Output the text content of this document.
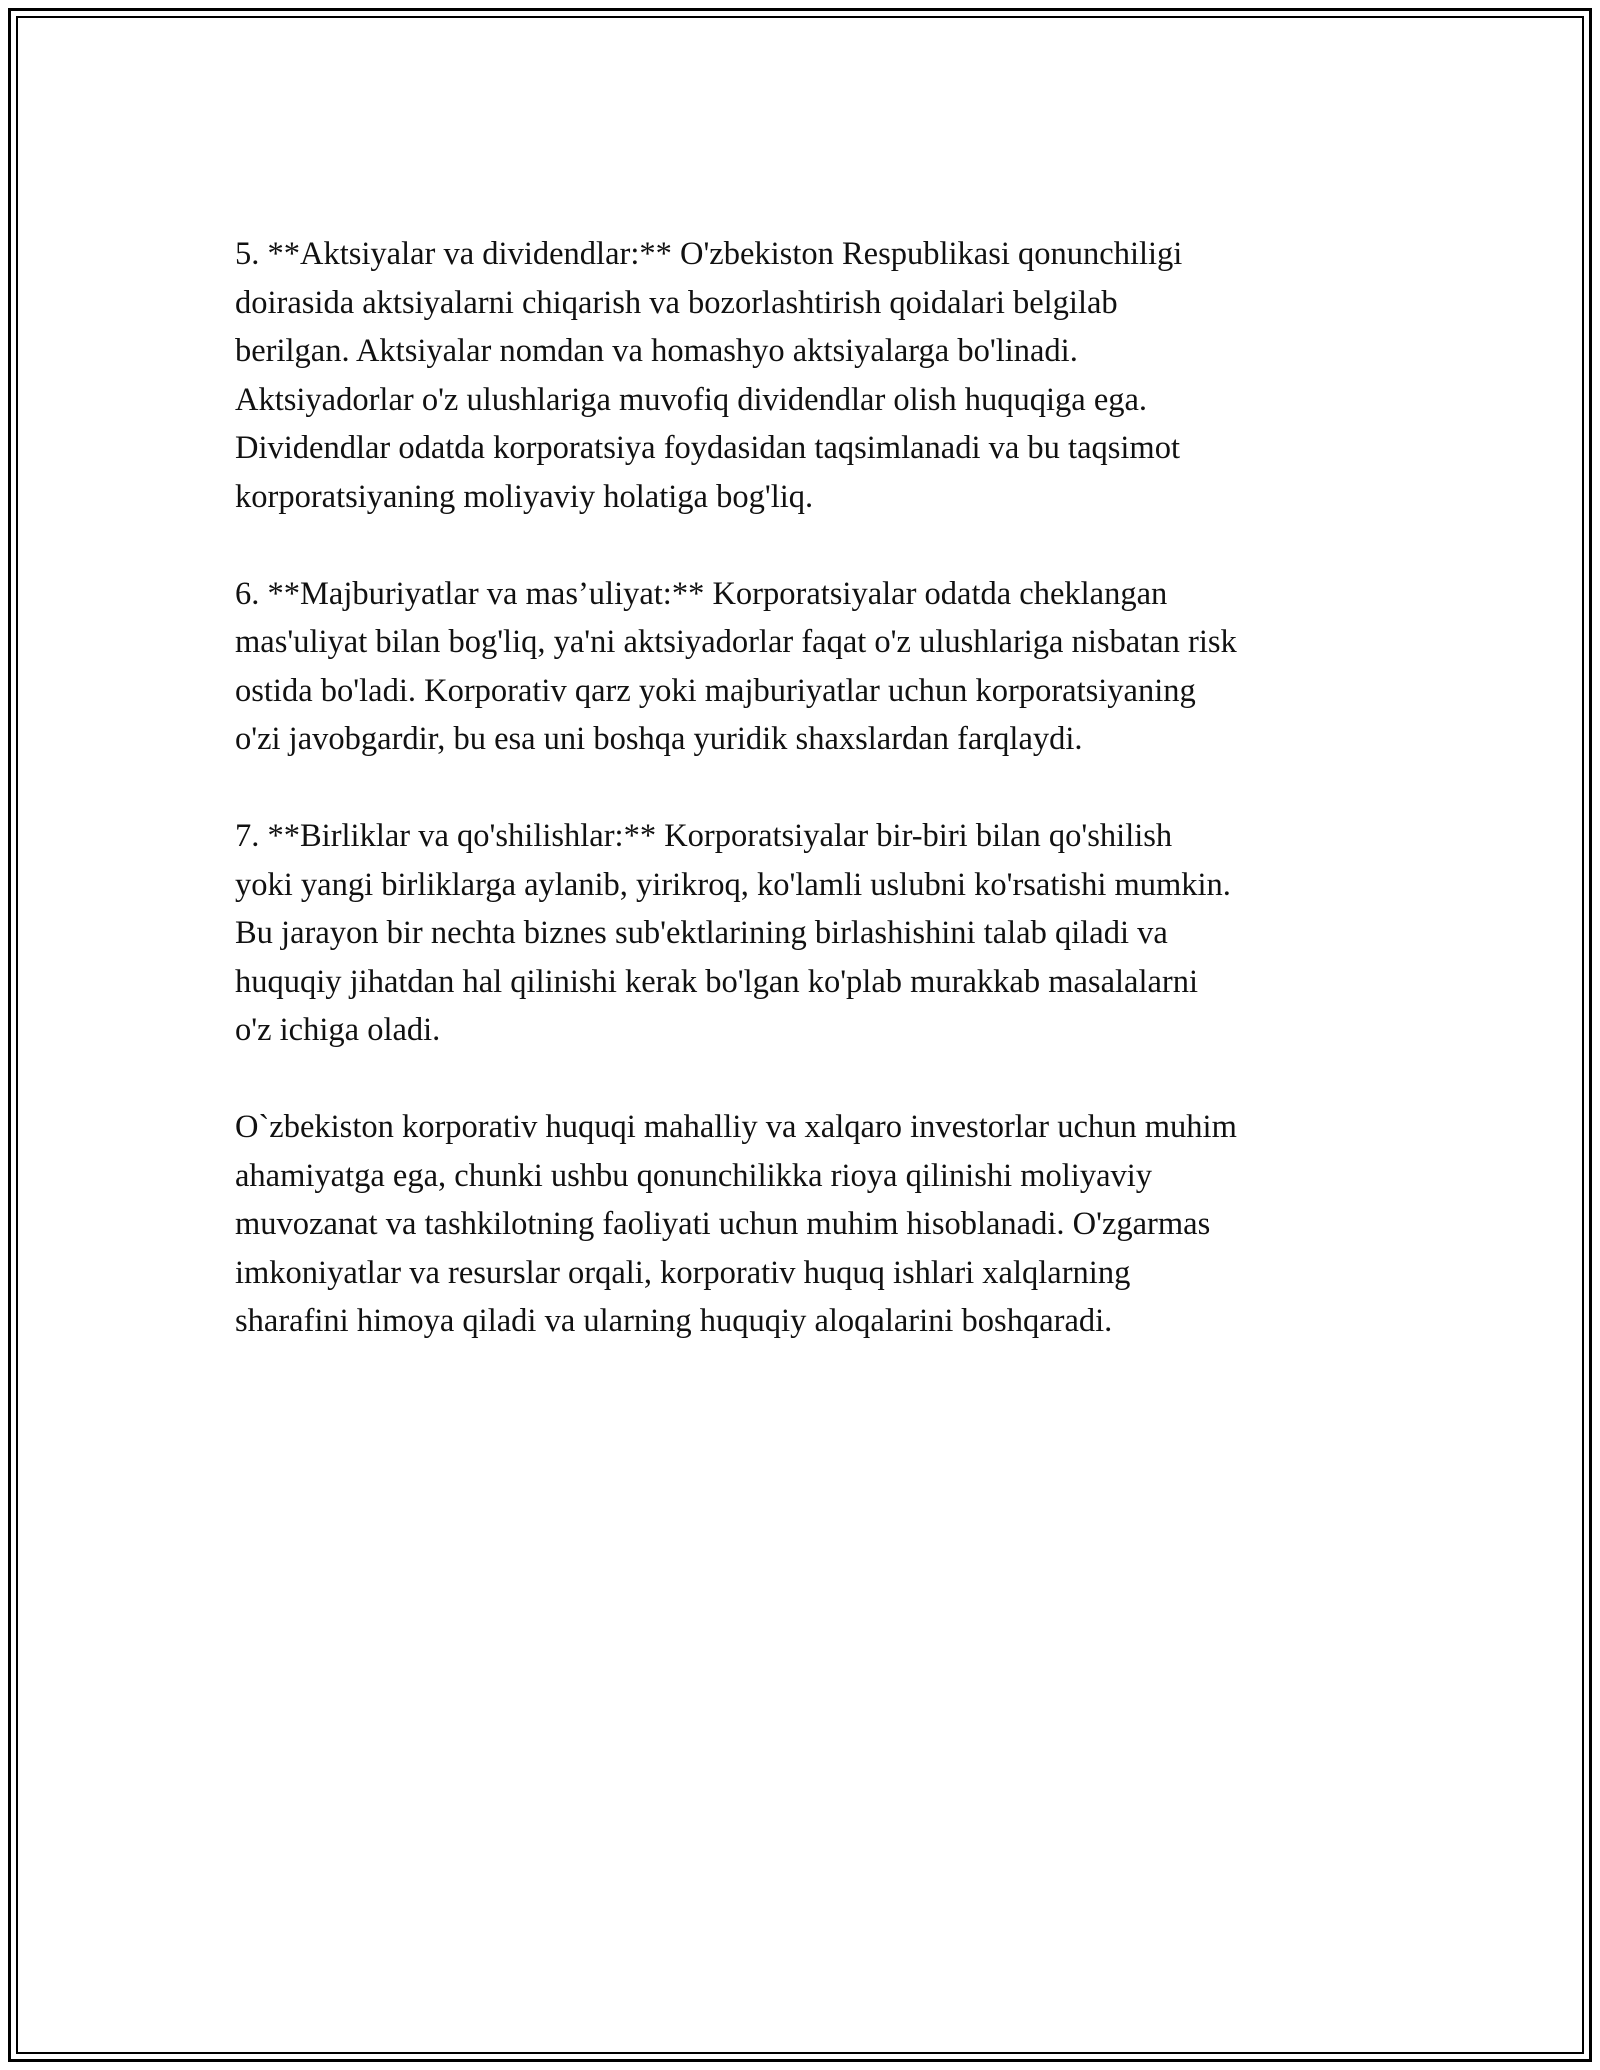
5. **Aktsiyalar va dividendlar:** O'zbekiston Respublikasi qonunchiligi
doirasida aktsiyalarni chiqarish va bozorlashtirish qoidalari belgilab
berilgan. Aktsiyalar nomdan va homashyo aktsiyalarga bo'linadi.
Aktsiyadorlar o'z ulushlariga muvofiq dividendlar olish huquqiga ega.
Dividendlar odatda korporatsiya foydasidan taqsimlanadi va bu taqsimot
korporatsiyaning moliyaviy holatiga bog'liq.

6. **Majburiyatlar va mas’uliyat:** Korporatsiyalar odatda cheklangan
mas'uliyat bilan bog'liq, ya'ni aktsiyadorlar faqat o'z ulushlariga nisbatan risk
ostida bo'ladi. Korporativ qarz yoki majburiyatlar uchun korporatsiyaning
o'zi javobgardir, bu esa uni boshqa yuridik shaxslardan farqlaydi.

7. **Birliklar va qo'shilishlar:** Korporatsiyalar bir-biri bilan qo'shilish
yoki yangi birliklarga aylanib, yirikroq, ko'lamli uslubni ko'rsatishi mumkin.
Bu jarayon bir nechta biznes sub'ektlarining birlashishini talab qiladi va
huquqiy jihatdan hal qilinishi kerak bo'lgan ko'plab murakkab masalalarni
o'z ichiga oladi.

O`zbekiston korporativ huquqi mahalliy va xalqaro investorlar uchun muhim
ahamiyatga ega, chunki ushbu qonunchilikka rioya qilinishi moliyaviy
muvozanat va tashkilotning faoliyati uchun muhim hisoblanadi. O'zgarmas
imkoniyatlar va resurslar orqali, korporativ huquq ishlari xalqlarning
sharafini himoya qiladi va ularning huquqiy aloqalarini boshqaradi.
